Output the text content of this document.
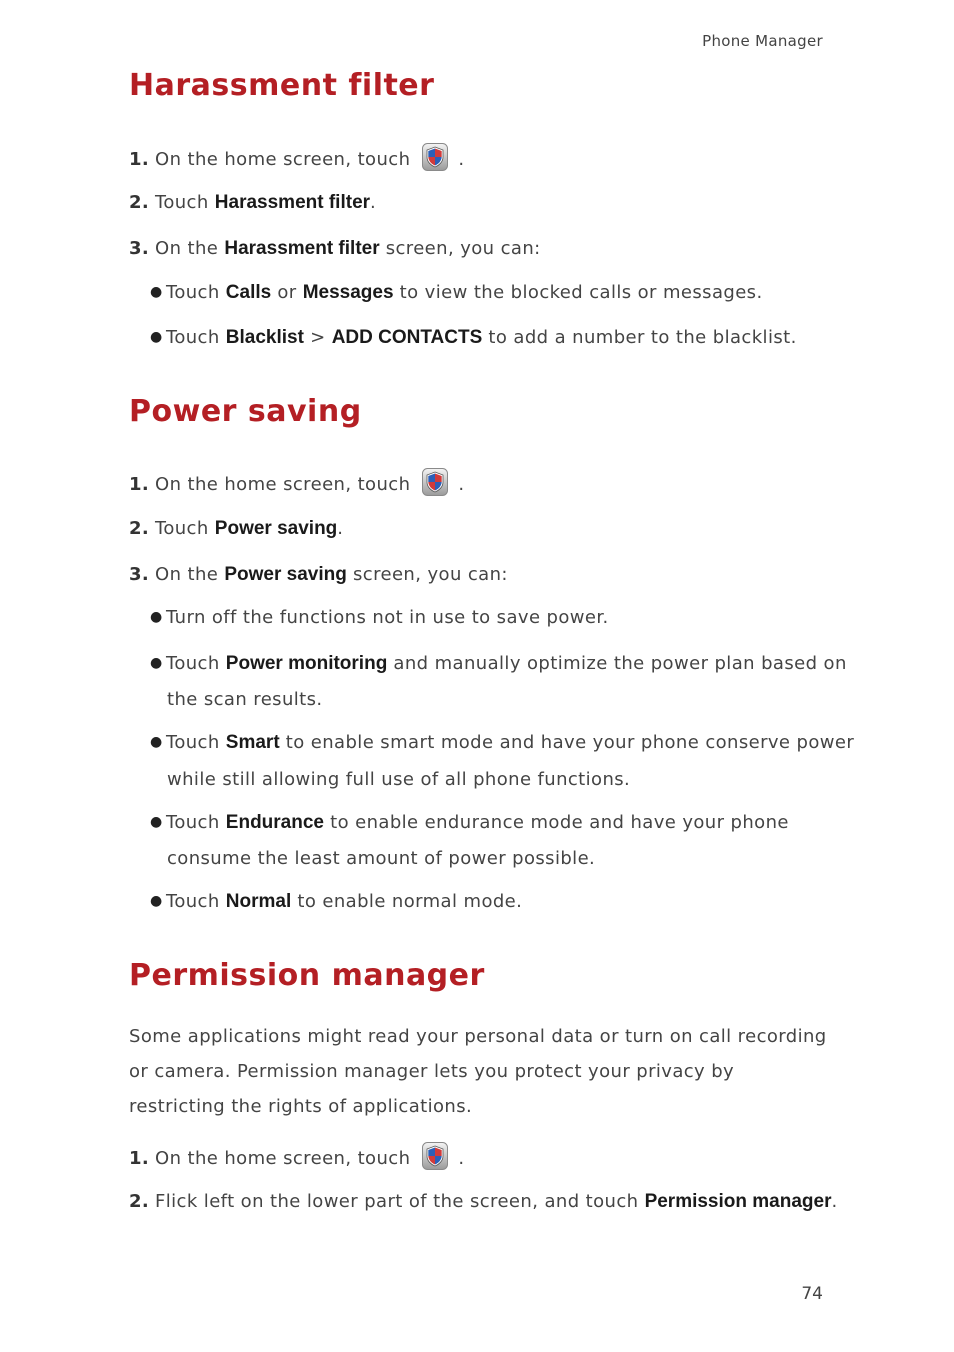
Phone Manager
Harassment filter
1. On the home screen, touch	.
2. Touch Harassment filter.
3. On the Harassment filter screen, you can:
● Touch Calls or Messages to view the blocked calls or messages.
● Touch Blacklist > ADD CONTACTS to add a number to the blacklist.
Power saving
1. On the home screen, touch	.
2. Touch Power saving.
3. On the Power saving screen, you can:
● Turn off the functions not in use to save power.
● Touch Power monitoring and manually optimize the power plan based on
the scan results.
● Touch Smart to enable smart mode and have your phone conserve power
while still allowing full use of all phone functions.
● Touch Endurance to enable endurance mode and have your phone
consume the least amount of power possible.
● Touch Normal to enable normal mode.
Permission manager
Some applications might read your personal data or turn on call recording or camera. Permission manager lets you protect your privacy by restricting the rights of applications.
1. On the home screen, touch	.
2. Flick left on the lower part of the screen, and touch Permission manager.
74
